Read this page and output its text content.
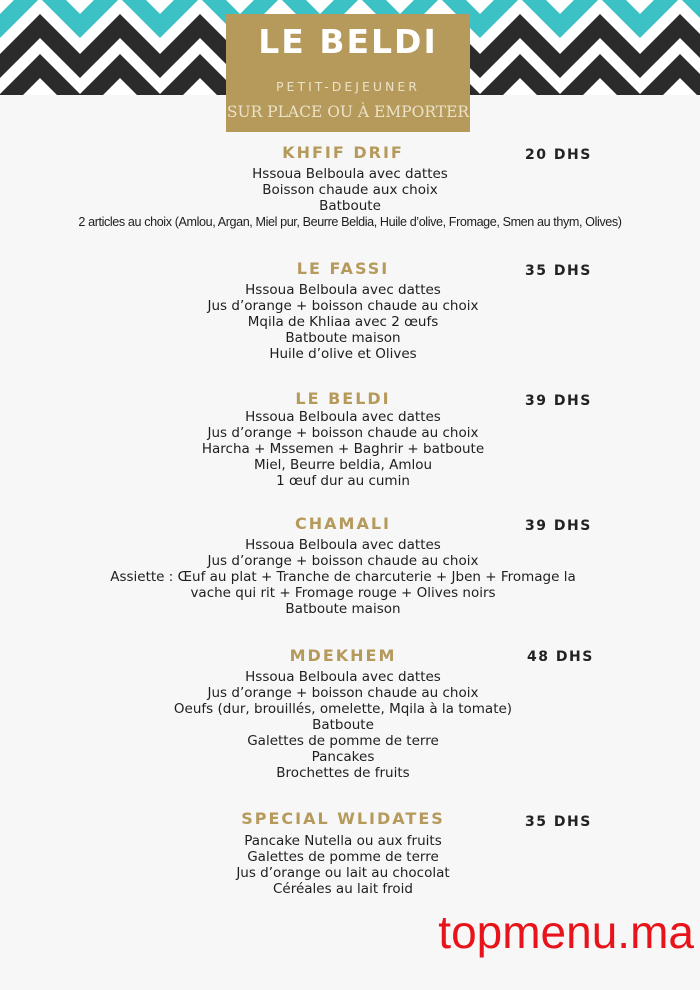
LE BELDI
PETIT-DEJEUNER
SUR PLACE OU À EMPORTER
KHFIF DRIF	20 DHS
Hssoua Belboula avec dattes
Boisson chaude aux choix
Batboute
2 articles au choix (Amlou, Argan, Miel pur, Beurre Beldia, Huile d’olive, Fromage, Smen au thym, Olives)
LE FASSI	35 DHS
Hssoua Belboula avec dattes
Jus d’orange + boisson chaude au choix
Mqila de Khliaa avec 2 œufs
Batboute maison
Huile d’olive et Olives
LE BELDI	39 DHS
Hssoua Belboula avec dattes
Jus d’orange + boisson chaude au choix
Harcha + Mssemen + Baghrir + batboute
Miel, Beurre beldia, Amlou
1 œuf dur au cumin
CHAMALI	39 DHS
Hssoua Belboula avec dattes
Jus d’orange + boisson chaude au choix
Assiette : Œuf au plat + Tranche de charcuterie + Jben + Fromage la vache qui rit + Fromage rouge + Olives noirs
Batboute maison
MDEKHEM	48 DHS
Hssoua Belboula avec dattes
Jus d’orange + boisson chaude au choix
Oeufs (dur, brouillés, omelette, Mqila à la tomate)
Batboute
Galettes de pomme de terre
Pancakes
Brochettes de fruits
SPECIAL WLIDATES	35 DHS
Pancake Nutella ou aux fruits
Galettes de pomme de terre
Jus d’orange ou lait au chocolat
Céréales au lait froid
topmenu.ma
